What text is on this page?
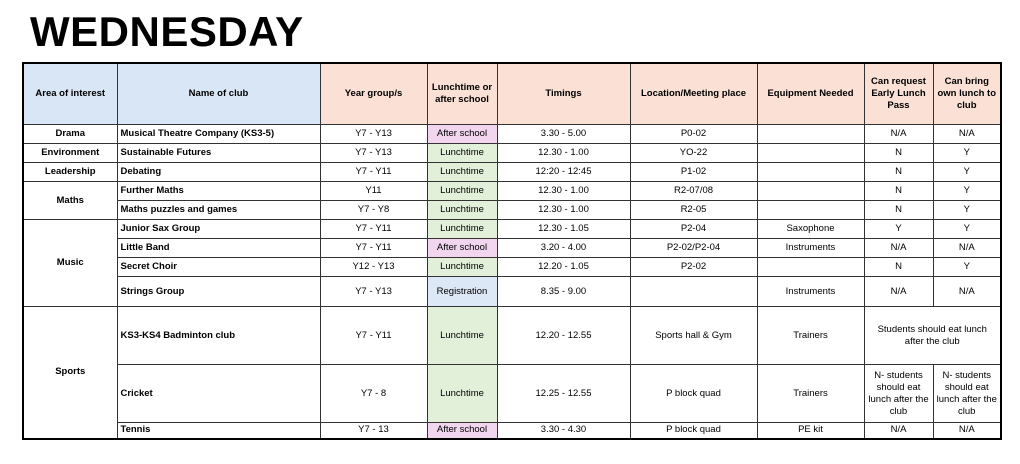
WEDNESDAY
Area of interest	Name of club	Year group/s	Lunchtime or after school	Timings	Location/Meeting place	Equipment Needed	Can request Early Lunch Pass	Can bring own lunch to club
Drama	Musical Theatre Company (KS3-5)	Y7 - Y13	After school	3.30 - 5.00	P0-02		N/A	N/A
Environment	Sustainable Futures	Y7 - Y13	Lunchtime	12.30 - 1.00	YO-22		N	Y
Leadership	Debating	Y7 - Y11	Lunchtime	12:20 - 12:45	P1-02		N	Y
Maths	Further Maths	Y11	Lunchtime	12.30 - 1.00	R2-07/08		N	Y
	Maths puzzles and games	Y7 - Y8	Lunchtime	12.30 - 1.00	R2-05		N	Y
Music	Junior Sax Group	Y7 - Y11	Lunchtime	12.30 - 1.05	P2-04	Saxophone	Y	Y
	Little Band	Y7 - Y11	After school	3.20 - 4.00	P2-02/P2-04	Instruments	N/A	N/A
	Secret Choir	Y12 - Y13	Lunchtime	12.20 - 1.05	P2-02		N	Y
	Strings Group	Y7 - Y13	Registration	8.35 - 9.00		Instruments	N/A	N/A
Sports	KS3-KS4 Badminton club	Y7 - Y11	Lunchtime	12.20 - 12.55	Sports hall & Gym	Trainers	Students should eat lunch after the club	
	Cricket	Y7 - 8	Lunchtime	12.25 - 12.55	P block quad	Trainers	N- students should eat lunch after the club	N- students should eat lunch after the club
	Tennis	Y7 - 13	After school	3.30 - 4.30	P block quad	PE kit	N/A	N/A
